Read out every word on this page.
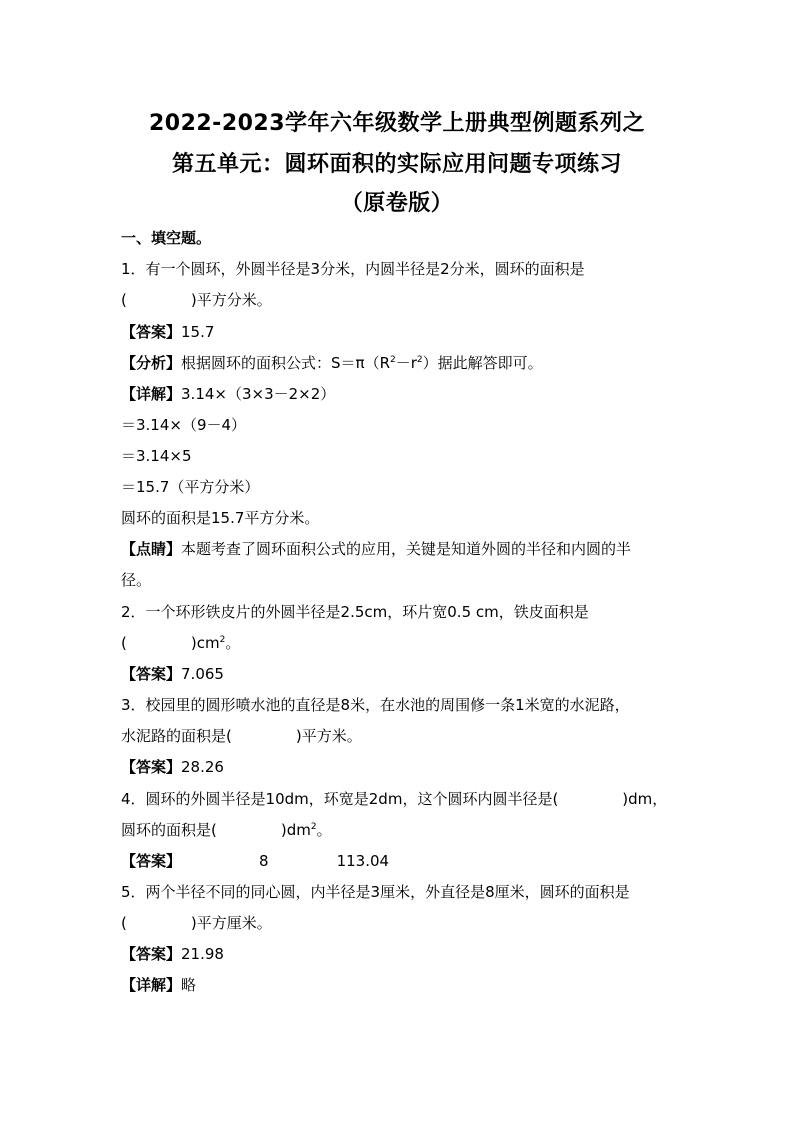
2022-2023学年六年级数学上册典型例题系列之
第五单元：圆环面积的实际应用问题专项练习
（原卷版）
一、填空题。
1．有一个圆环，外圆半径是3分米，内圆半径是2分米，圆环的面积是
(	)平方分米。
【答案】15.7
【分析】根据圆环的面积公式：$S=\pi(R^2-r^2)$据此解答即可。
【详解】3.14×（3×3－2×2）
＝3.14×（9－4）
＝3.14×5
＝15.7（平方分米）
圆环的面积是15.7平方分米。
【点睛】本题考查了圆环面积公式的应用，关键是知道外圆的半径和内圆的半
径。
2．一个环形铁皮片的外圆半径是2.5cm，环片宽0.5 cm，铁皮面积是
(	)$cm^2$。
【答案】7.065
3．校园里的圆形喷水池的直径是8米，在水池的周围修一条1米宽的水泥路，
水泥路的面积是(	)平方米。
【答案】28.26
4．圆环的外圆半径是10dm，环宽是2dm，这个圆环内圆半径是(	)dm，
圆环的面积是(	)$dm^2$。
【答案】	8	113.04
5．两个半径不同的同心圆，内半径是3厘米，外直径是8厘米，圆环的面积是
(	)平方厘米。
【答案】21.98
【详解】略
